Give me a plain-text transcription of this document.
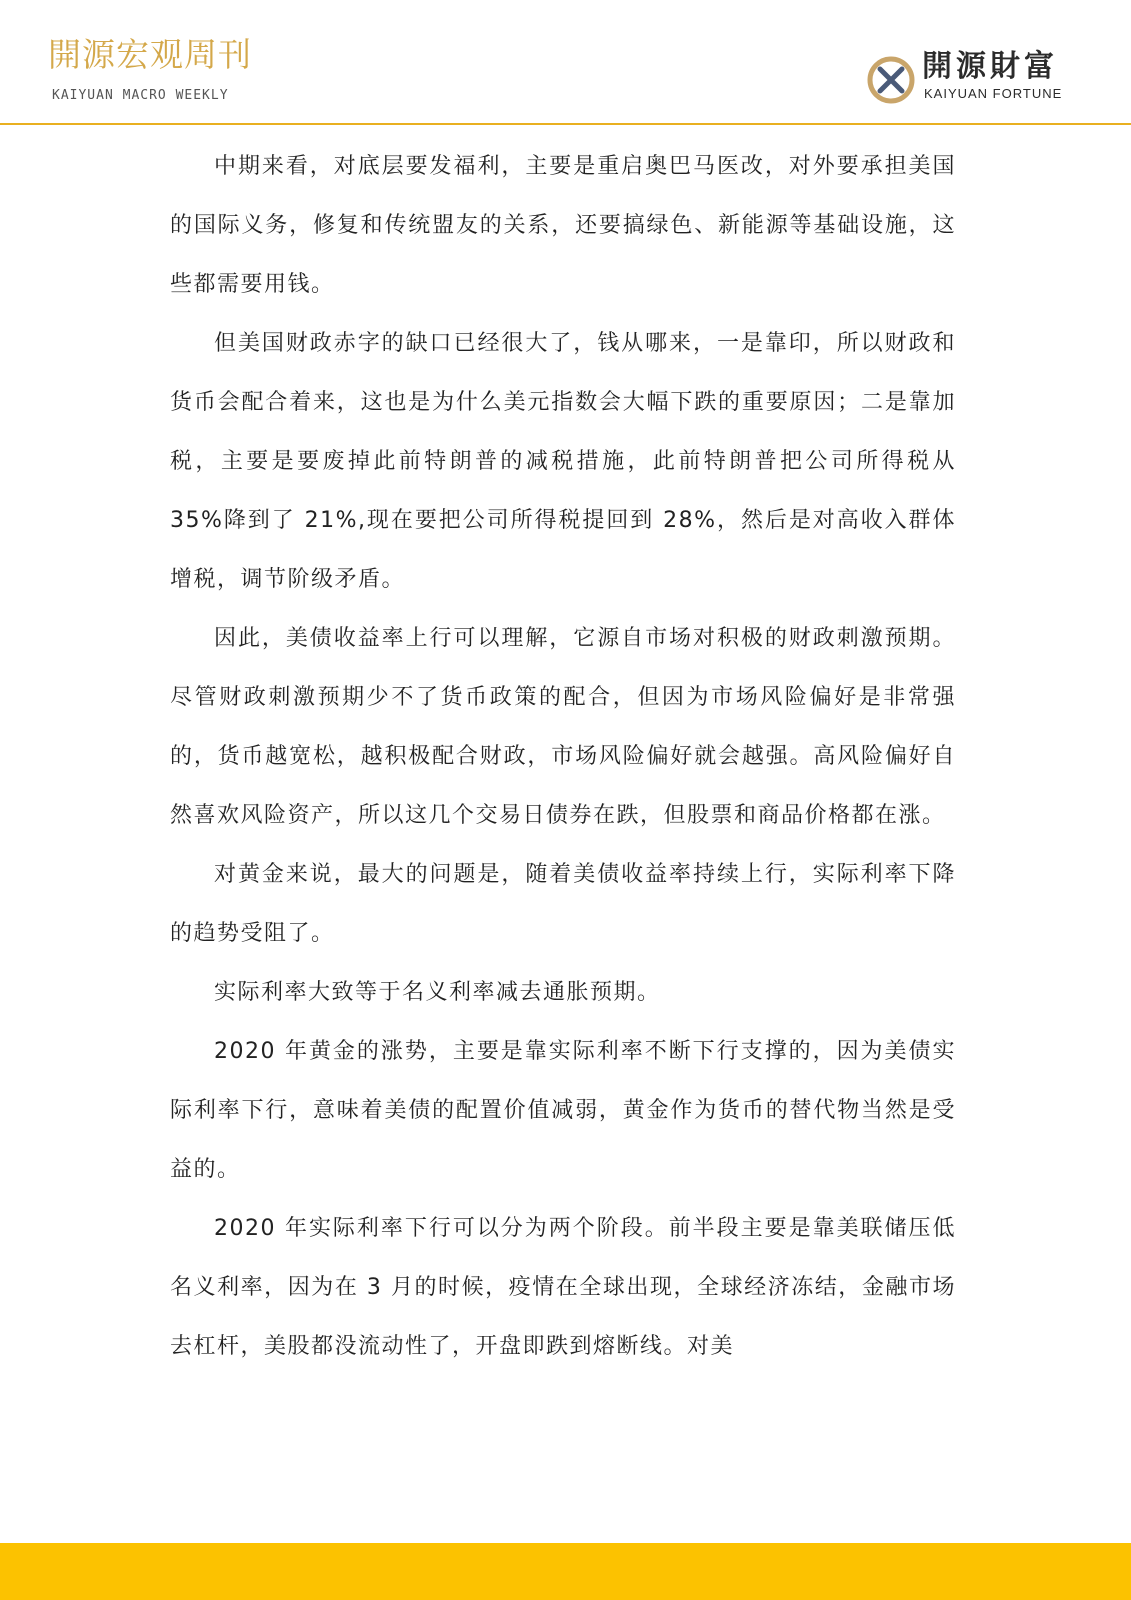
開源宏观周刊
KAIYUAN MACRO WEEKLY
開源財富
KAIYUAN FORTUNE

中期来看，对底层要发福利，主要是重启奥巴马医改，对外要承担美国的国际义务，修复和传统盟友的关系，还要搞绿色、新能源等基础设施，这些都需要用钱。

但美国财政赤字的缺口已经很大了，钱从哪来，一是靠印，所以财政和货币会配合着来，这也是为什么美元指数会大幅下跌的重要原因；二是靠加税，主要是要废掉此前特朗普的减税措施，此前特朗普把公司所得税从 35%降到了 21%,现在要把公司所得税提回到 28%，然后是对高收入群体增税，调节阶级矛盾。

因此，美债收益率上行可以理解，它源自市场对积极的财政刺激预期。尽管财政刺激预期少不了货币政策的配合，但因为市场风险偏好是非常强的，货币越宽松，越积极配合财政，市场风险偏好就会越强。高风险偏好自然喜欢风险资产，所以这几个交易日债券在跌，但股票和商品价格都在涨。

对黄金来说，最大的问题是，随着美债收益率持续上行，实际利率下降的趋势受阻了。

实际利率大致等于名义利率减去通胀预期。

2020 年黄金的涨势，主要是靠实际利率不断下行支撑的，因为美债实际利率下行，意味着美债的配置价值减弱，黄金作为货币的替代物当然是受益的。

2020 年实际利率下行可以分为两个阶段。前半段主要是靠美联储压低名义利率，因为在 3 月的时候，疫情在全球出现，全球经济冻结，金融市场去杠杆，美股都没流动性了，开盘即跌到熔断线。对美
